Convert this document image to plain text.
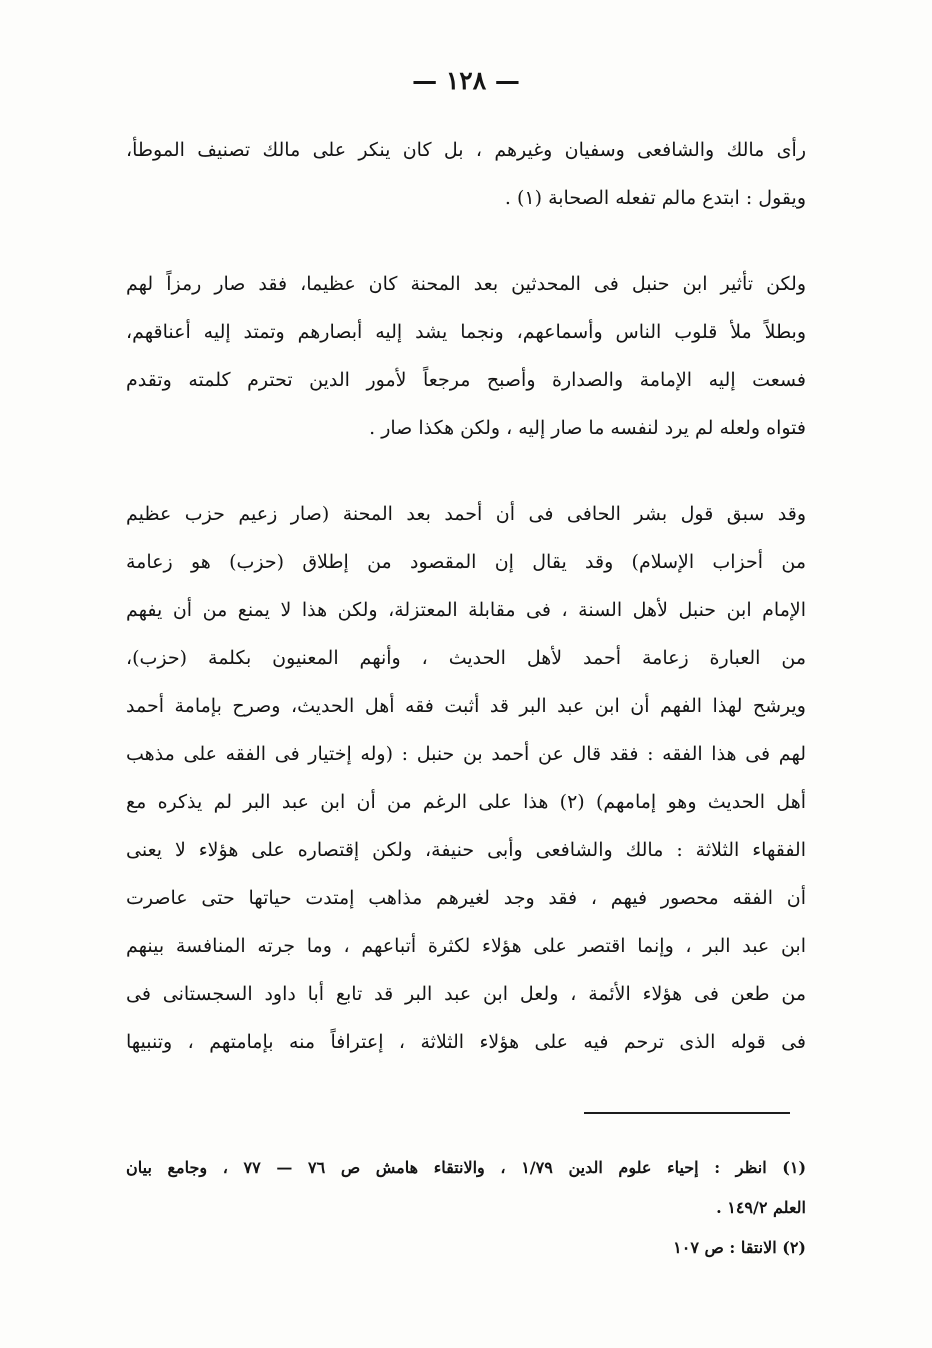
— ١٢٨ —
رأى مالك والشافعى وسفيان وغيرهم ، بل كان ينكر على مالك تصنيف الموطأ،
ويقول : ابتدع مالم تفعله الصحابة (١) .
ولكن تأثير ابن حنبل فى المحدثين بعد المحنة كان عظيما، فقد صار رمزاً لهم
وبطلاً ملأ قلوب الناس وأسماعهم، ونجما يشد إليه أبصارهم وتمتد إليه أعناقهم،
فسعت إليه الإمامة والصدارة وأصبح مرجعاً لأمور الدين تحترم كلمته وتقدم
فتواه ولعله لم يرد لنفسه ما صار إليه ، ولكن هكذا صار .
وقد سبق قول بشر الحافى فى أن أحمد بعد المحنة (صار زعيم حزب عظيم
من أحزاب الإسلام) وقد يقال إن المقصود من إطلاق (حزب) هو زعامة
الإمام ابن حنبل لأهل السنة ، فى مقابلة المعتزلة، ولكن هذا لا يمنع من أن يفهم
من العبارة زعامة أحمد لأهل الحديث ، وأنهم المعنيون بكلمة (حزب)،
ويرشح لهذا الفهم أن ابن عبد البر قد أثبت فقه أهل الحديث، وصرح بإمامة أحمد
لهم فى هذا الفقه : فقد قال عن أحمد بن حنبل : (وله إختيار فى الفقه على مذهب
أهل الحديث وهو إمامهم) (٢) هذا على الرغم من أن ابن عبد البر لم يذكره مع
الفقهاء الثلاثة : مالك والشافعى وأبى حنيفة، ولكن إقتصاره على هؤلاء لا يعنى
أن الفقه محصور فيهم ، فقد وجد لغيرهم مذاهب إمتدت حياتها حتى عاصرت
ابن عبد البر ، وإنما اقتصر على هؤلاء لكثرة أتباعهم ، وما جرته المنافسة بينهم
من طعن فى هؤلاء الأئمة ، ولعل ابن عبد البر قد تابع أبا داود السجستانى فى
فى قوله الذى ترحم فيه على هؤلاء الثلاثة ، إعترافاً منه بإمامتهم ، وتنبيها
(١) انظر : إحياء علوم الدين ١/٧٩ ، والانتقاء هامش ص ٧٦ — ٧٧ ، وجامع بيان
العلم ١٤٩/٢ .
(٢) الانتقا : ص ١٠٧
